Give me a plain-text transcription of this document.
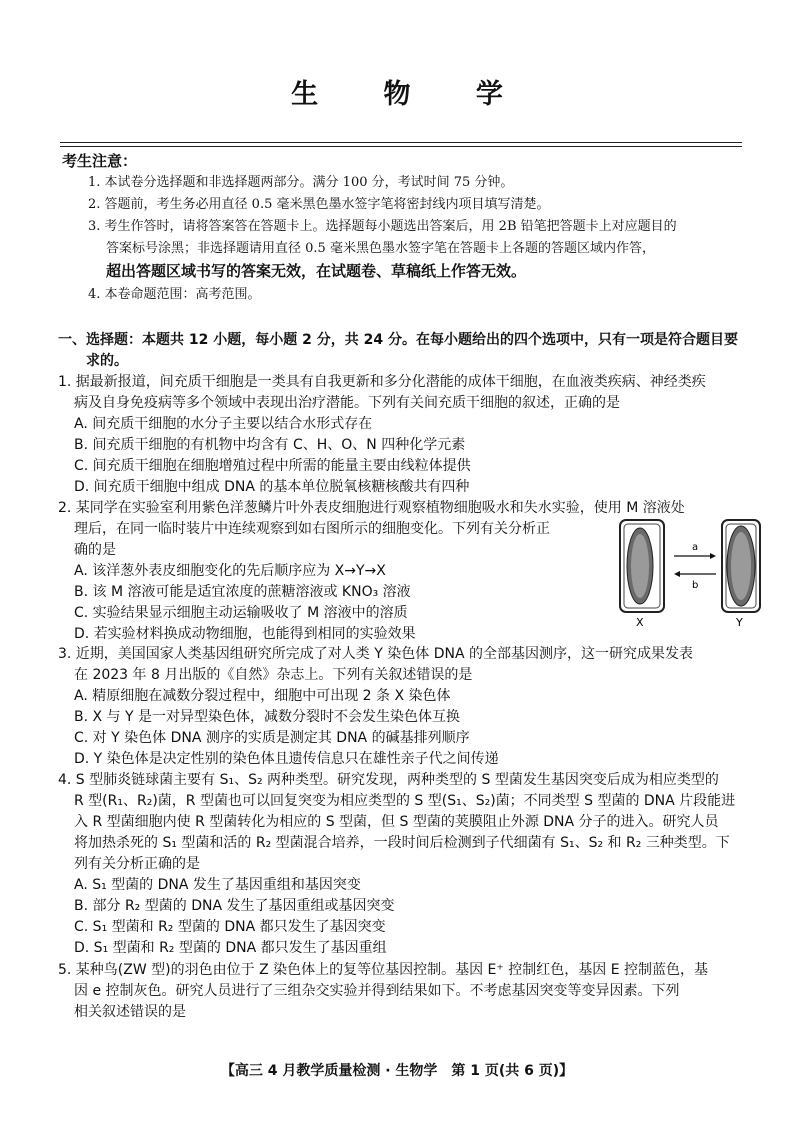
生 物 学
考生注意：
1. 本试卷分选择题和非选择题两部分。满分 100 分，考试时间 75 分钟。
2. 答题前，考生务必用直径 0.5 毫米黑色墨水签字笔将密封线内项目填写清楚。
3. 考生作答时，请将答案答在答题卡上。选择题每小题选出答案后，用 2B 铅笔把答题卡上对应题目的
答案标号涂黑；非选择题请用直径 0.5 毫米黑色墨水签字笔在答题卡上各题的答题区域内作答，
超出答题区域书写的答案无效，在试题卷、草稿纸上作答无效。
4. 本卷命题范围：高考范围。
一、选择题：本题共 12 小题，每小题 2 分，共 24 分。在每小题给出的四个选项中，只有一项是符合题目要
求的。
1. 据最新报道，间充质干细胞是一类具有自我更新和多分化潜能的成体干细胞，在血液类疾病、神经类疾
病及自身免疫病等多个领域中表现出治疗潜能。下列有关间充质干细胞的叙述，正确的是
A. 间充质干细胞的水分子主要以结合水形式存在
B. 间充质干细胞的有机物中均含有 C、H、O、N 四种化学元素
C. 间充质干细胞在细胞增殖过程中所需的能量主要由线粒体提供
D. 间充质干细胞中组成 DNA 的基本单位脱氧核糖核酸共有四种
2. 某同学在实验室利用紫色洋葱鳞片叶外表皮细胞进行观察植物细胞吸水和失水实验，使用 M 溶液处
理后，在同一临时装片中连续观察到如右图所示的细胞变化。下列有关分析正
确的是
A. 该洋葱外表皮细胞变化的先后顺序应为 X→Y→X
B. 该 M 溶液可能是适宜浓度的蔗糖溶液或 KNO₃ 溶液
C. 实验结果显示细胞主动运输吸收了 M 溶液中的溶质
D. 若实验材料换成动物细胞，也能得到相同的实验效果
a
b
X	Y
3. 近期，美国国家人类基因组研究所完成了对人类 Y 染色体 DNA 的全部基因测序，这一研究成果发表
在 2023 年 8 月出版的《自然》杂志上。下列有关叙述错误的是
A. 精原细胞在减数分裂过程中，细胞中可出现 2 条 X 染色体
B. X 与 Y 是一对异型染色体，减数分裂时不会发生染色体互换
C. 对 Y 染色体 DNA 测序的实质是测定其 DNA 的碱基排列顺序
D. Y 染色体是决定性别的染色体且遗传信息只在雄性亲子代之间传递
4. S 型肺炎链球菌主要有 S₁、S₂ 两种类型。研究发现，两种类型的 S 型菌发生基因突变后成为相应类型的
R 型(R₁、R₂)菌，R 型菌也可以回复突变为相应类型的 S 型(S₁、S₂)菌；不同类型 S 型菌的 DNA 片段能进
入 R 型菌细胞内使 R 型菌转化为相应的 S 型菌，但 S 型菌的荚膜阻止外源 DNA 分子的进入。研究人员
将加热杀死的 S₁ 型菌和活的 R₂ 型菌混合培养，一段时间后检测到子代细菌有 S₁、S₂ 和 R₂ 三种类型。下
列有关分析正确的是
A. S₁ 型菌的 DNA 发生了基因重组和基因突变
B. 部分 R₂ 型菌的 DNA 发生了基因重组或基因突变
C. S₁ 型菌和 R₂ 型菌的 DNA 都只发生了基因突变
D. S₁ 型菌和 R₂ 型菌的 DNA 都只发生了基因重组
5. 某种鸟(ZW 型)的羽色由位于 Z 染色体上的复等位基因控制。基因 E⁺ 控制红色，基因 E 控制蓝色，基
因 e 控制灰色。研究人员进行了三组杂交实验并得到结果如下。不考虑基因突变等变异因素。下列
相关叙述错误的是
【高三 4 月教学质量检测 · 生物学　第 1 页(共 6 页)】
